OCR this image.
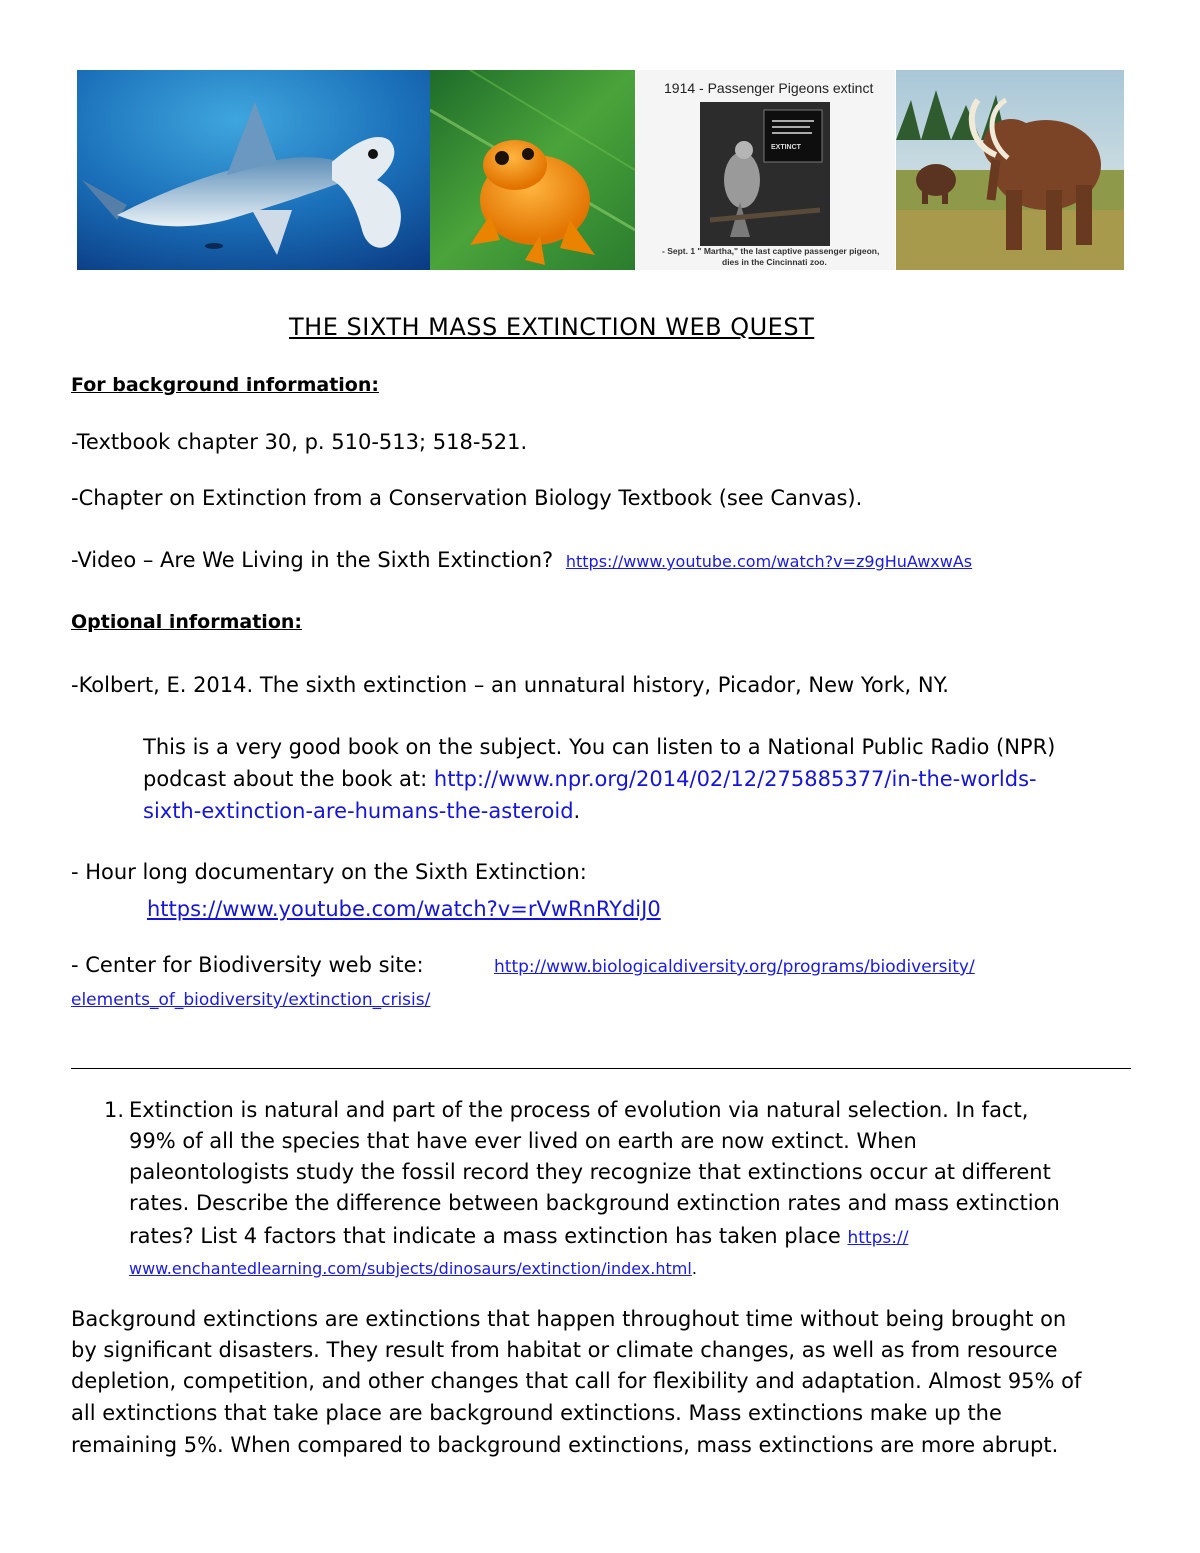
1914 - Passenger Pigeons extinct
EXTINCT
- Sept. 1 " Martha," the last captive passenger pigeon,
dies in the Cincinnati zoo.
THE SIXTH MASS EXTINCTION WEB QUEST
For background information:
-Textbook chapter 30, p. 510-513; 518-521.
-Chapter on Extinction from a Conservation Biology Textbook (see Canvas).
-Video – Are We Living in the Sixth Extinction? https://www.youtube.com/watch?v=z9gHuAwxwAs
Optional information:
-Kolbert, E. 2014. The sixth extinction – an unnatural history, Picador, New York, NY.
This is a very good book on the subject. You can listen to a National Public Radio (NPR)
podcast about the book at: http://www.npr.org/2014/02/12/275885377/in-the-worlds-
sixth-extinction-are-humans-the-asteroid.
- Hour long documentary on the Sixth Extinction:
https://www.youtube.com/watch?v=rVwRnRYdiJ0
- Center for Biodiversity web site:	http://www.biologicaldiversity.org/programs/biodiversity/
elements_of_biodiversity/extinction_crisis/
1. Extinction is natural and part of the process of evolution via natural selection. In fact,
99% of all the species that have ever lived on earth are now extinct. When
paleontologists study the fossil record they recognize that extinctions occur at different
rates. Describe the difference between background extinction rates and mass extinction
rates? List 4 factors that indicate a mass extinction has taken place https://
www.enchantedlearning.com/subjects/dinosaurs/extinction/index.html.
Background extinctions are extinctions that happen throughout time without being brought on
by significant disasters. They result from habitat or climate changes, as well as from resource
depletion, competition, and other changes that call for flexibility and adaptation. Almost 95% of
all extinctions that take place are background extinctions. Mass extinctions make up the
remaining 5%. When compared to background extinctions, mass extinctions are more abrupt.
